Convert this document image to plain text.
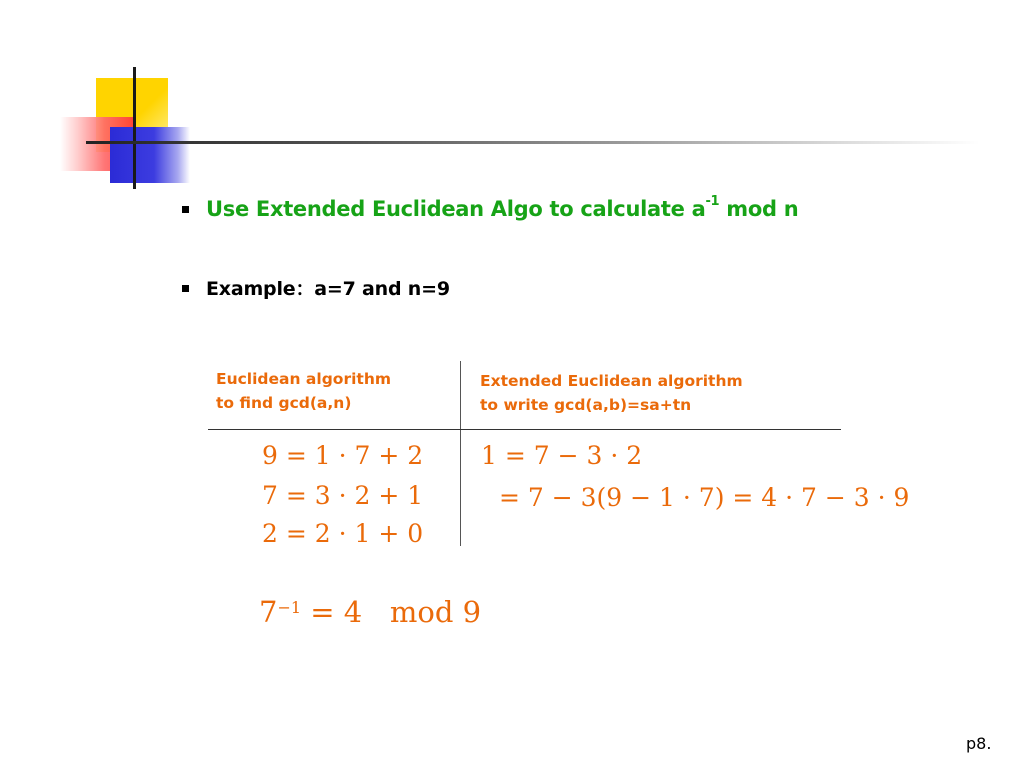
Use Extended Euclidean Algo to calculate $a^{-1}$ mod n
Example：a=7 and n=9
Euclidean algorithm
to find gcd(a,n)
Extended Euclidean algorithm
to write gcd(a,b)=sa+tn
9 = 1 · 7 + 2
7 = 3 · 2 + 1
2 = 2 · 1 + 0
1 = 7 − 3 · 2
= 7 − 3(9 − 1 · 7) = 4 · 7 − 3 · 9
$7^{-1} = 4$   mod 9
p8.
